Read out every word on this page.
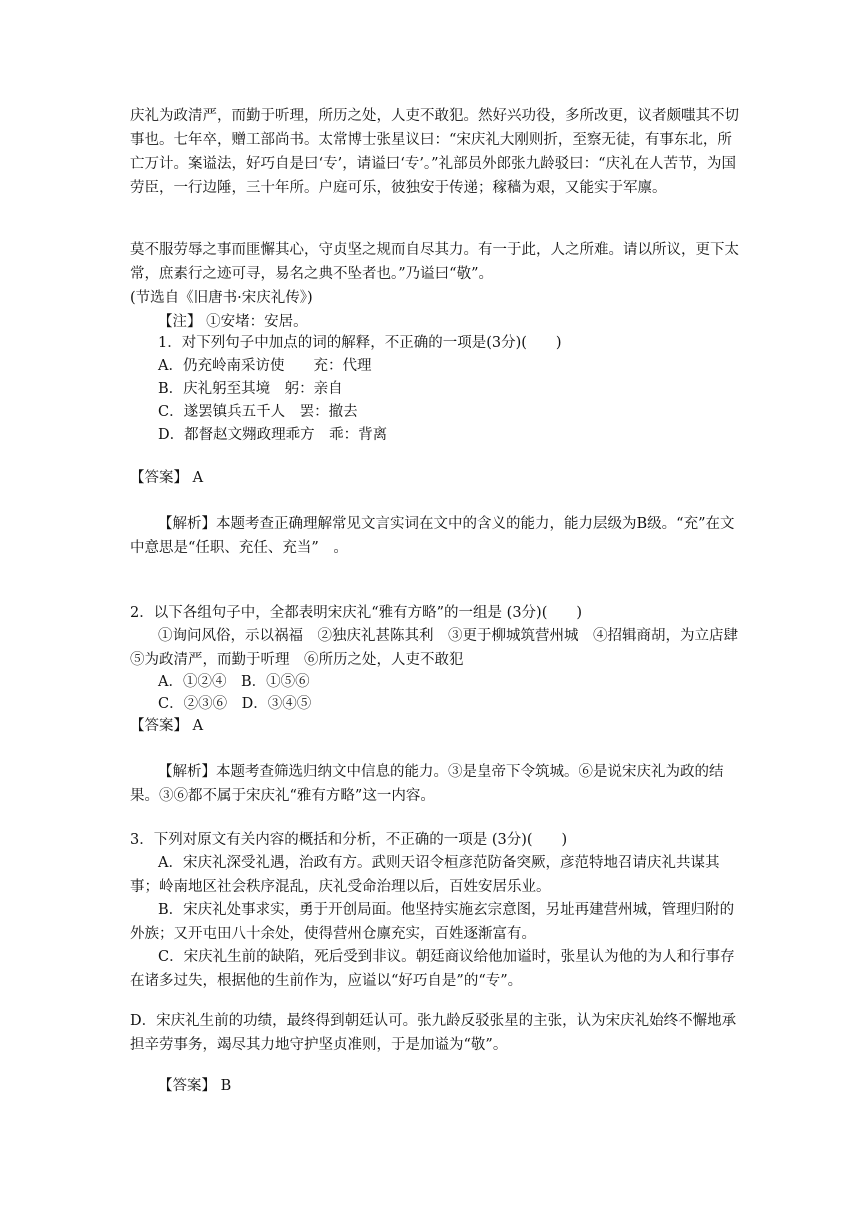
庆礼为政清严，而勤于听理，所历之处，人吏不敢犯。然好兴功役，多所改更，议者颇嗤其不切事也。七年卒，赠工部尚书。太常博士张星议曰：“宋庆礼大刚则折，至察无徒，有事东北，所亡万计。案谥法，好巧自是曰‘专’，请谥曰‘专’。”礼部员外郎张九龄驳曰：“庆礼在人苦节，为国劳臣，一行边陲，三十年所。户庭可乐，彼独安于传递；稼穑为艰，又能实于军廪。

莫不服劳辱之事而匪懈其心，守贞坚之规而自尽其力。有一于此，人之所难。请以所议，更下太常，庶素行之迹可寻，易名之典不坠者也。”乃谥曰“敬”。

(节选自《旧唐书·宋庆礼传》)

【注】 ①安堵：安居。

1．对下列句子中加点的词的解释，不正确的一项是(3分)(　　)

A．仍充岭南采访使　　充：代理

B．庆礼躬至其境　躬：亲自

C．遂罢镇兵五千人　罢：撤去

D．都督赵文翙政理乖方　乖：背离

【答案】 A

【解析】本题考查正确理解常见文言实词在文中的含义的能力，能力层级为B级。“充”在文中意思是“任职、充任、充当”　。

2．以下各组句子中，全都表明宋庆礼“雅有方略”的一组是 (3分)(　　)

①询问风俗，示以祸福　②独庆礼甚陈其利　③更于柳城筑营州城　④招辑商胡，为立店肆　⑤为政清严，而勤于听理　⑥所历之处，人吏不敢犯

A．①②④　B．①⑤⑥

C．②③⑥　D．③④⑤

【答案】 A

【解析】本题考查筛选归纳文中信息的能力。③是皇帝下令筑城。⑥是说宋庆礼为政的结果。③⑥都不属于宋庆礼“雅有方略”这一内容。

3．下列对原文有关内容的概括和分析，不正确的一项是 (3分)(　　)

A．宋庆礼深受礼遇，治政有方。武则天诏令桓彦范防备突厥，彦范特地召请庆礼共谋其事；岭南地区社会秩序混乱，庆礼受命治理以后，百姓安居乐业。

B．宋庆礼处事求实，勇于开创局面。他坚持实施玄宗意图，另址再建营州城，管理归附的外族；又开屯田八十余处，使得营州仓廪充实，百姓逐渐富有。

C．宋庆礼生前的缺陷，死后受到非议。朝廷商议给他加谥时，张星认为他的为人和行事存在诸多过失，根据他的生前作为，应谥以“好巧自是”的“专”。

D．宋庆礼生前的功绩，最终得到朝廷认可。张九龄反驳张星的主张，认为宋庆礼始终不懈地承担辛劳事务，竭尽其力地守护坚贞准则，于是加谥为“敬”。

【答案】 B
